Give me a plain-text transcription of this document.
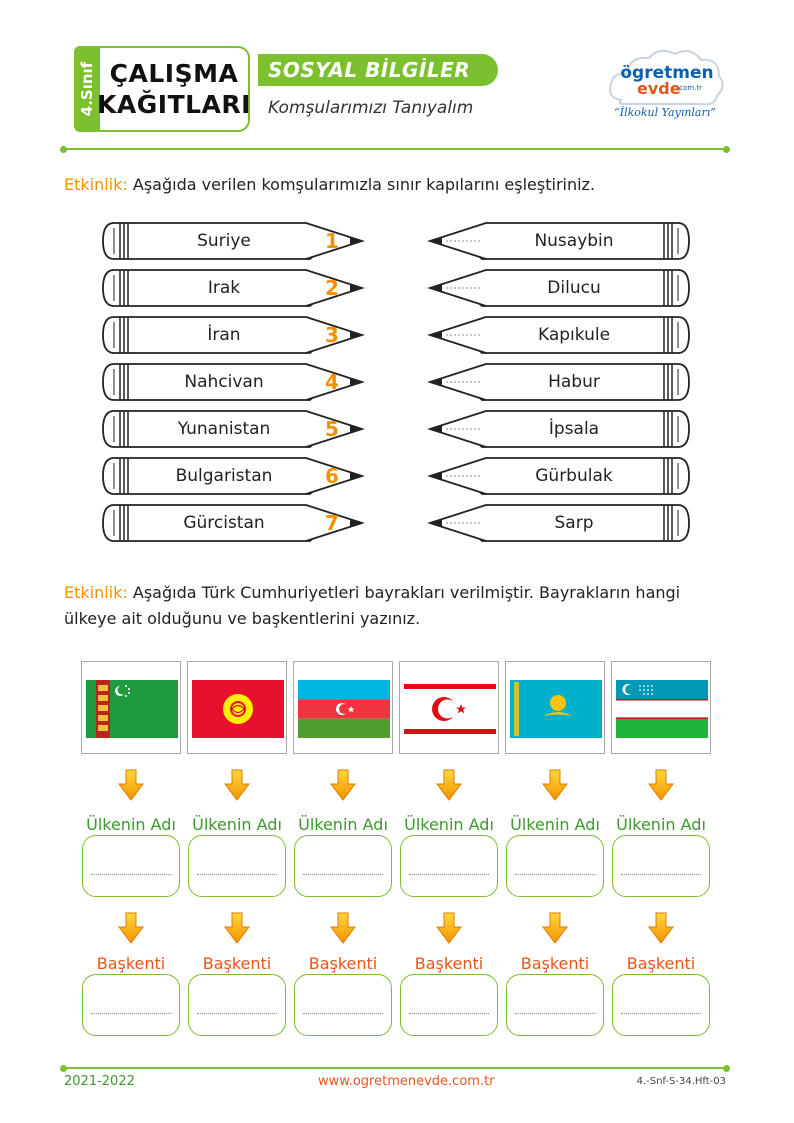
4.Sınıf ÇALIŞMA
KAĞITLARI
SOSYAL BİLGİLER
Komşularımızı Tanıyalım
ögretmen
evde
.com.tr
“İlkokul Yayınları”
Etkinlik: Aşağıda verilen komşularımızla sınır kapılarını eşleştiriniz.
Suriye	1
Irak	2
İran	3
Nahcivan	4
Yunanistan	5
Bulgaristan	6
Gürcistan	7
Nusaybin
Dilucu
Kapıkule
Habur
İpsala
Gürbulak
Sarp
Etkinlik: Aşağıda Türk Cumhuriyetleri bayrakları verilmiştir. Bayrakların hangi
ülkeye ait olduğunu ve başkentlerini yazınız.
Ülkenin Adı	Ülkenin Adı	Ülkenin Adı	Ülkenin Adı	Ülkenin Adı	Ülkenin Adı
Başkenti	Başkenti	Başkenti	Başkenti	Başkenti	Başkenti
2021-2022	www.ogretmenevde.com.tr	4.-Snf-S-34.Hft-03
